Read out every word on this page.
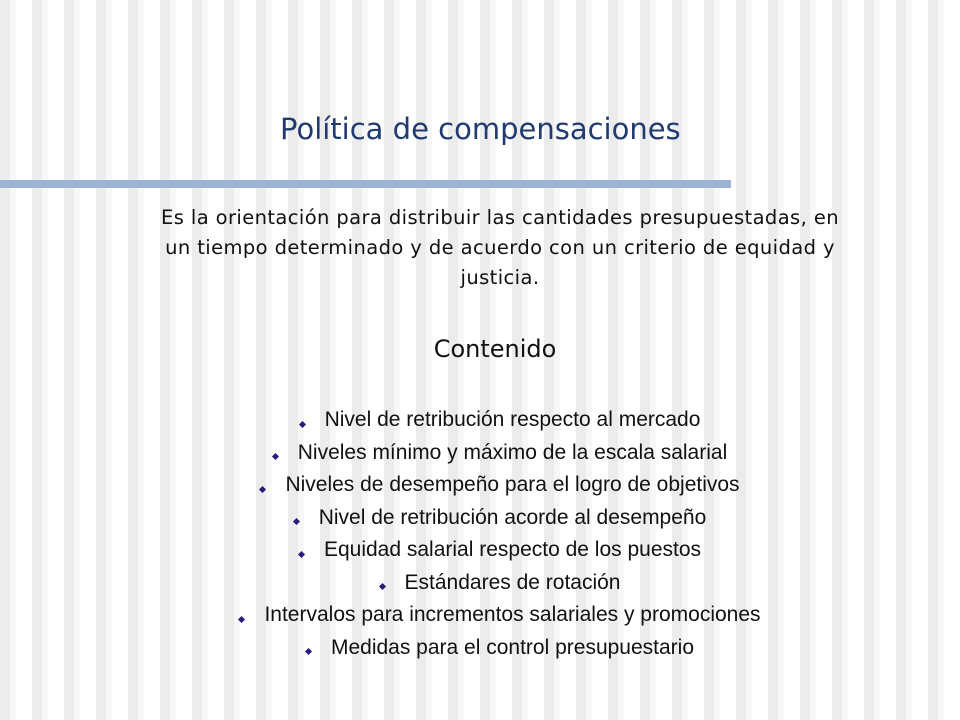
Política de compensaciones

Es la orientación para distribuir las cantidades presupuestadas, en un tiempo determinado y de acuerdo con un criterio de equidad y justicia.

Contenido
Nivel de retribución respecto al mercado
Niveles mínimo y máximo de la escala salarial
Niveles de desempeño para el logro de objetivos
Nivel de retribución acorde al desempeño
Equidad salarial respecto de los puestos
Estándares de rotación
Intervalos para incrementos salariales y promociones
Medidas para el control presupuestario
